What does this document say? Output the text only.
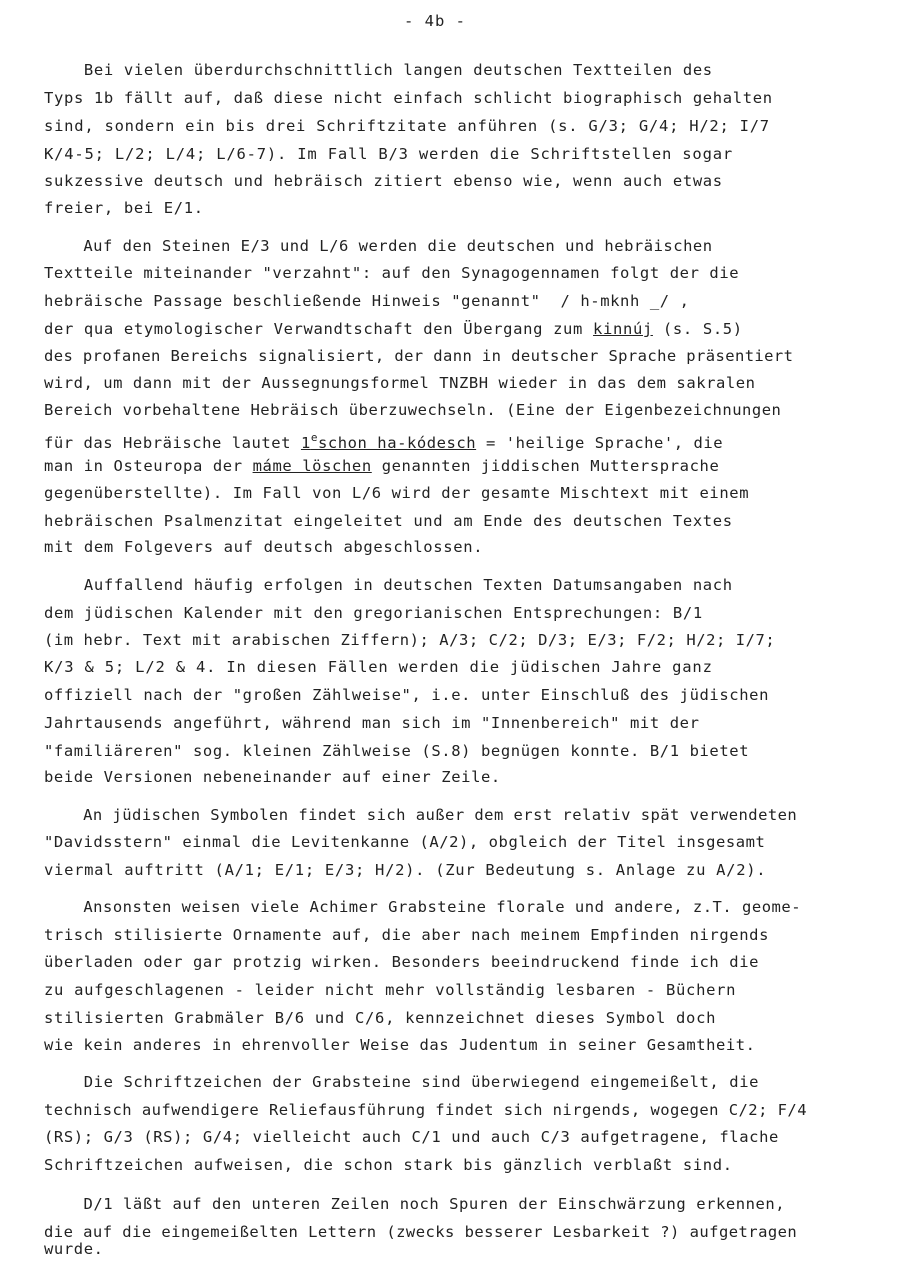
- 4b -
Bei vielen überdurchschnittlich langen deutschen Textteilen des
Typs 1b fällt auf, daß diese nicht einfach schlicht biographisch gehalten
sind, sondern ein bis drei Schriftzitate anführen (s. G/3; G/4; H/2; I/7
K/4-5; L/2; L/4; L/6-7). Im Fall B/3 werden die Schriftstellen sogar
sukzessive deutsch und hebräisch zitiert ebenso wie, wenn auch etwas
freier, bei E/1.
Auf den Steinen E/3 und L/6 werden die deutschen und hebräischen
Textteile miteinander "verzahnt": auf den Synagogennamen folgt der die
hebräische Passage beschließende Hinweis "genannt"  / h-mknh _/ ,
der qua etymologischer Verwandtschaft den Übergang zum kinnúj (s. S.5)
des profanen Bereichs signalisiert, der dann in deutscher Sprache präsentiert
wird, um dann mit der Aussegnungsformel TNZBH wieder in das dem sakralen
Bereich vorbehaltene Hebräisch überzuwechseln. (Eine der Eigenbezeichnungen
für das Hebräische lautet 1eschon ha-kódesch = 'heilige Sprache', die
man in Osteuropa der máme löschen genannten jiddischen Muttersprache
gegenüberstellte). Im Fall von L/6 wird der gesamte Mischtext mit einem
hebräischen Psalmenzitat eingeleitet und am Ende des deutschen Textes
mit dem Folgevers auf deutsch abgeschlossen.
Auffallend häufig erfolgen in deutschen Texten Datumsangaben nach
dem jüdischen Kalender mit den gregorianischen Entsprechungen: B/1
(im hebr. Text mit arabischen Ziffern); A/3; C/2; D/3; E/3; F/2; H/2; I/7;
K/3 & 5; L/2 & 4. In diesen Fällen werden die jüdischen Jahre ganz
offiziell nach der "großen Zählweise", i.e. unter Einschluß des jüdischen
Jahrtausends angeführt, während man sich im "Innenbereich" mit der
"familiäreren" sog. kleinen Zählweise (S.8) begnügen konnte. B/1 bietet
beide Versionen nebeneinander auf einer Zeile.
An jüdischen Symbolen findet sich außer dem erst relativ spät verwendeten
"Davidsstern" einmal die Levitenkanne (A/2), obgleich der Titel insgesamt
viermal auftritt (A/1; E/1; E/3; H/2). (Zur Bedeutung s. Anlage zu A/2).
Ansonsten weisen viele Achimer Grabsteine florale und andere, z.T. geome-
trisch stilisierte Ornamente auf, die aber nach meinem Empfinden nirgends
überladen oder gar protzig wirken. Besonders beeindruckend finde ich die
zu aufgeschlagenen - leider nicht mehr vollständig lesbaren - Büchern
stilisierten Grabmäler B/6 und C/6, kennzeichnet dieses Symbol doch
wie kein anderes in ehrenvoller Weise das Judentum in seiner Gesamtheit.
Die Schriftzeichen der Grabsteine sind überwiegend eingemeißelt, die
technisch aufwendigere Reliefausführung findet sich nirgends, wogegen C/2; F/4
(RS); G/3 (RS); G/4; vielleicht auch C/1 und auch C/3 aufgetragene, flache
Schriftzeichen aufweisen, die schon stark bis gänzlich verblaßt sind.
D/1 läßt auf den unteren Zeilen noch Spuren der Einschwärzung erkennen,
die auf die eingemeißelten Lettern (zwecks besserer Lesbarkeit ?) aufgetragen
wurde.
